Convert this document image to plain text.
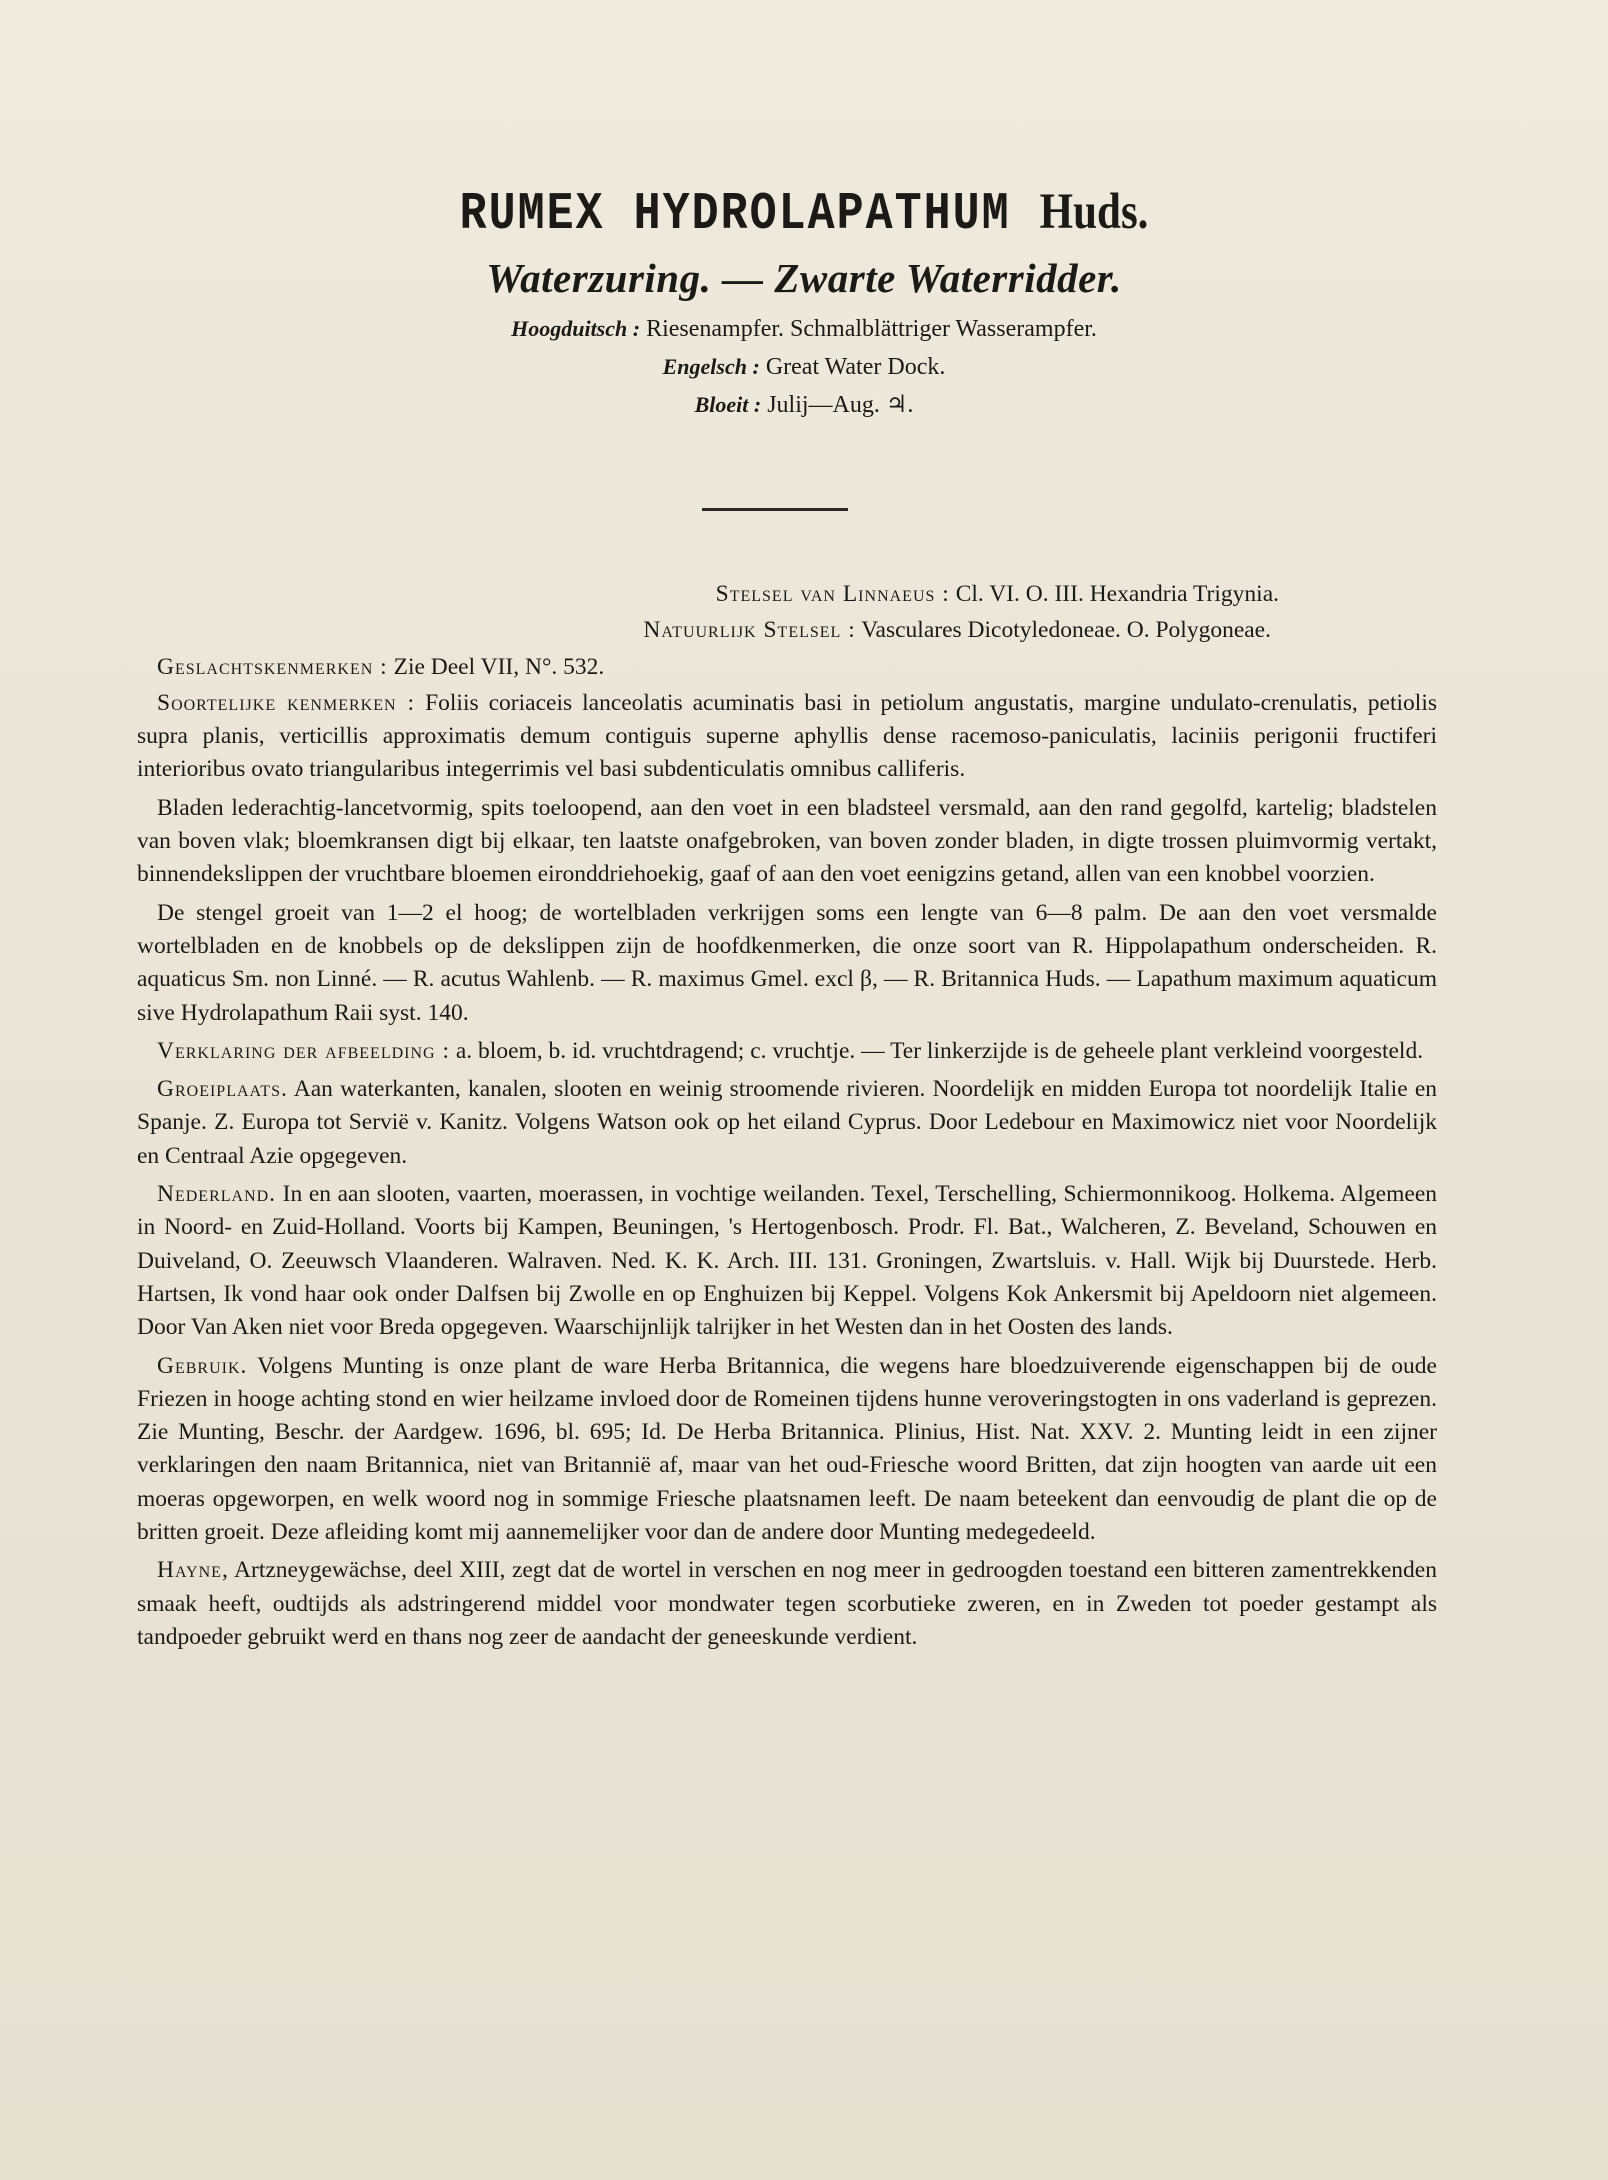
RUMEX HYDROLAPATHUM Huds.
Waterzuring. — Zwarte Waterridder.
Hoogduitsch : Riesenampfer. Schmalblättriger Wasserampfer.
Engelsch : Great Water Dock.
Bloeit : Julij—Aug. ♃.

Stelsel van Linnaeus : Cl. VI. O. III. Hexandria Trigynia.

Natuurlijk Stelsel : Vasculares Dicotyledoneae. O. Polygoneae.

Geslachtskenmerken : Zie Deel VII, N°. 532.

Soortelijke kenmerken : Foliis coriaceis lanceolatis acuminatis basi in petiolum angustatis, margine undulato-crenulatis, petiolis supra planis, verticillis approximatis demum contiguis superne aphyllis dense racemoso-paniculatis, laciniis perigonii fructiferi interioribus ovato triangularibus integerrimis vel basi subdenticulatis omnibus calliferis.

Bladen lederachtig-lancetvormig, spits toeloopend, aan den voet in een bladsteel versmald, aan den rand gegolfd, kartelig; bladstelen van boven vlak; bloemkransen digt bij elkaar, ten laatste onafgebroken, van boven zonder bladen, in digte trossen pluimvormig vertakt, binnendekslippen der vruchtbare bloemen eironddriehoekig, gaaf of aan den voet eenigzins getand, allen van een knobbel voorzien.

De stengel groeit van 1—2 el hoog; de wortelbladen verkrijgen soms een lengte van 6—8 palm. De aan den voet versmalde wortelbladen en de knobbels op de dekslippen zijn de hoofdkenmerken, die onze soort van R. Hippolapathum onderscheiden. R. aquaticus Sm. non Linné. — R. acutus Wahlenb. — R. maximus Gmel. excl β, — R. Britannica Huds. — Lapathum maximum aquaticum sive Hydrolapathum Raii syst. 140.

Verklaring der afbeelding : a. bloem, b. id. vruchtdragend; c. vruchtje. — Ter linkerzijde is de geheele plant verkleind voorgesteld.

Groeiplaats. Aan waterkanten, kanalen, slooten en weinig stroomende rivieren. Noordelijk en midden Europa tot noordelijk Italie en Spanje. Z. Europa tot Servië v. Kanitz. Volgens Watson ook op het eiland Cyprus. Door Ledebour en Maximowicz niet voor Noordelijk en Centraal Azie opgegeven.

Nederland. In en aan slooten, vaarten, moerassen, in vochtige weilanden. Texel, Terschelling, Schiermonnikoog. Holkema. Algemeen in Noord- en Zuid-Holland. Voorts bij Kampen, Beuningen, 's Hertogenbosch. Prodr. Fl. Bat., Walcheren, Z. Beveland, Schouwen en Duiveland, O. Zeeuwsch Vlaanderen. Walraven. Ned. K. K. Arch. III. 131. Groningen, Zwartsluis. v. Hall. Wijk bij Duurstede. Herb. Hartsen, Ik vond haar ook onder Dalfsen bij Zwolle en op Enghuizen bij Keppel. Volgens Kok Ankersmit bij Apeldoorn niet algemeen. Door Van Aken niet voor Breda opgegeven. Waarschijnlijk talrijker in het Westen dan in het Oosten des lands.

Gebruik. Volgens Munting is onze plant de ware Herba Britannica, die wegens hare bloedzuiverende eigenschappen bij de oude Friezen in hooge achting stond en wier heilzame invloed door de Romeinen tijdens hunne veroveringstogten in ons vaderland is geprezen. Zie Munting, Beschr. der Aardgew. 1696, bl. 695; Id. De Herba Britannica. Plinius, Hist. Nat. XXV. 2. Munting leidt in een zijner verklaringen den naam Britannica, niet van Britannië af, maar van het oud-Friesche woord Britten, dat zijn hoogten van aarde uit een moeras opgeworpen, en welk woord nog in sommige Friesche plaatsnamen leeft. De naam beteekent dan eenvoudig de plant die op de britten groeit. Deze afleiding komt mij aannemelijker voor dan de andere door Munting medegedeeld.

Hayne, Artzneygewächse, deel XIII, zegt dat de wortel in verschen en nog meer in gedroogden toestand een bitteren zamentrekkenden smaak heeft, oudtijds als adstringerend middel voor mondwater tegen scorbutieke zweren, en in Zweden tot poeder gestampt als tandpoeder gebruikt werd en thans nog zeer de aandacht der geneeskunde verdient.
